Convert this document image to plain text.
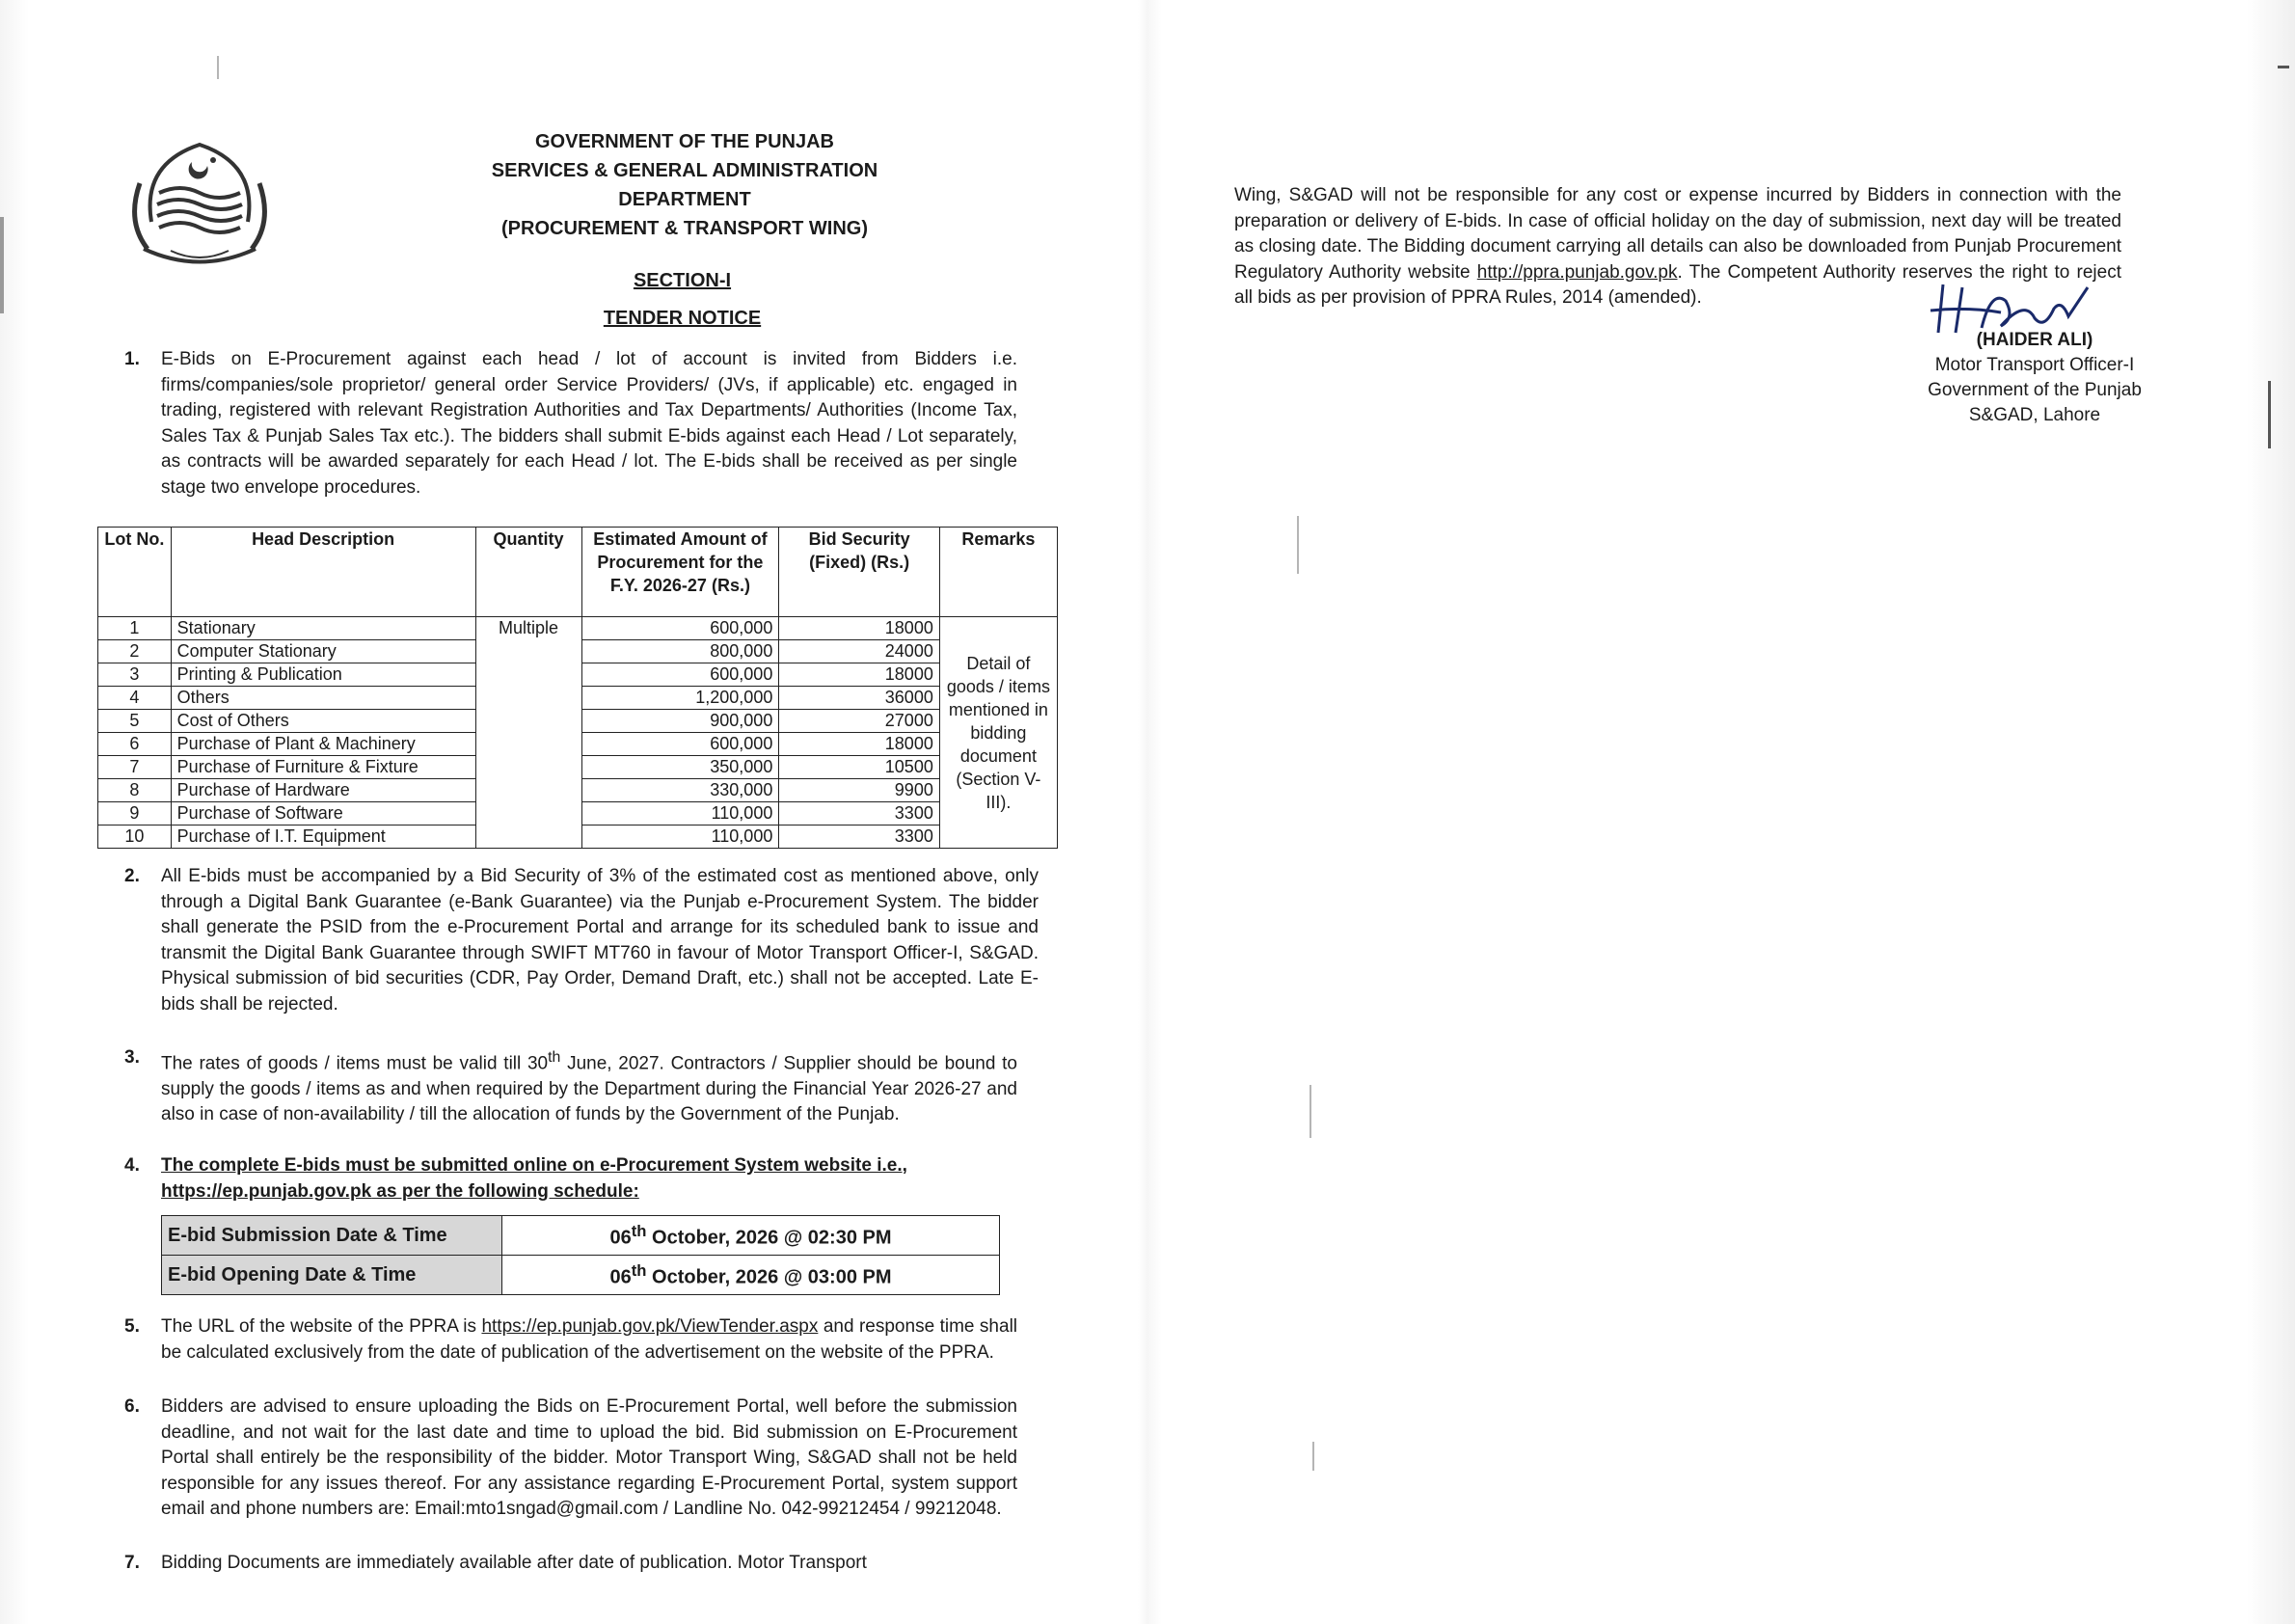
GOVERNMENT OF THE PUNJAB
SERVICES & GENERAL ADMINISTRATION
DEPARTMENT
(PROCUREMENT & TRANSPORT WING)
SECTION-I
TENDER NOTICE
1. E-Bids on E-Procurement against each head / lot of account is invited from Bidders i.e. firms/companies/sole proprietor/ general order Service Providers/ (JVs, if applicable) etc. engaged in trading, registered with relevant Registration Authorities and Tax Departments/ Authorities (Income Tax, Sales Tax & Punjab Sales Tax etc.). The bidders shall submit E-bids against each Head / Lot separately, as contracts will be awarded separately for each Head / lot. The E-bids shall be received as per single stage two envelope procedures.
Lot No.	Head Description	Quantity	Estimated Amount of Procurement for the F.Y. 2026-27 (Rs.)	Bid Security (Fixed) (Rs.)	Remarks
1	Stationary	Multiple	600,000	18000	Detail of goods / items mentioned in bidding document (Section V-III).
2	Computer Stationary		800,000	24000	
3	Printing & Publication		600,000	18000	
4	Others		1,200,000	36000	
5	Cost of Others		900,000	27000	
6	Purchase of Plant & Machinery		600,000	18000	
7	Purchase of Furniture & Fixture		350,000	10500	
8	Purchase of Hardware		330,000	9900	
9	Purchase of Software		110,000	3300	
10	Purchase of I.T. Equipment		110,000	3300	
2. All E-bids must be accompanied by a Bid Security of 3% of the estimated cost as mentioned above, only through a Digital Bank Guarantee (e-Bank Guarantee) via the Punjab e-Procurement System. The bidder shall generate the PSID from the e-Procurement Portal and arrange for its scheduled bank to issue and transmit the Digital Bank Guarantee through SWIFT MT760 in favour of Motor Transport Officer-I, S&GAD. Physical submission of bid securities (CDR, Pay Order, Demand Draft, etc.) shall not be accepted. Late E-bids shall be rejected.
3. The rates of goods / items must be valid till 30th June, 2027. Contractors / Supplier should be bound to supply the goods / items as and when required by the Department during the Financial Year 2026-27 and also in case of non-availability / till the allocation of funds by the Government of the Punjab.
4. The complete E-bids must be submitted online on e-Procurement System website i.e., https://ep.punjab.gov.pk as per the following schedule:
E-bid Submission Date & Time	06th October, 2026 @ 02:30 PM
E-bid Opening Date & Time	06th October, 2026 @ 03:00 PM
5. The URL of the website of the PPRA is https://ep.punjab.gov.pk/ViewTender.aspx and response time shall be calculated exclusively from the date of publication of the advertisement on the website of the PPRA.
6. Bidders are advised to ensure uploading the Bids on E-Procurement Portal, well before the submission deadline, and not wait for the last date and time to upload the bid. Bid submission on E-Procurement Portal shall entirely be the responsibility of the bidder. Motor Transport Wing, S&GAD shall not be held responsible for any issues thereof. For any assistance regarding E-Procurement Portal, system support email and phone numbers are: Email:mto1sngad@gmail.com / Landline No. 042-99212454 / 99212048.
7. Bidding Documents are immediately available after date of publication. Motor Transport
Wing, S&GAD will not be responsible for any cost or expense incurred by Bidders in connection with the preparation or delivery of E-bids. In case of official holiday on the day of submission, next day will be treated as closing date. The Bidding document carrying all details can also be downloaded from Punjab Procurement Regulatory Authority website http://ppra.punjab.gov.pk. The Competent Authority reserves the right to reject all bids as per provision of PPRA Rules, 2014 (amended).
(HAIDER ALI)
Motor Transport Officer-I
Government of the Punjab
S&GAD, Lahore
